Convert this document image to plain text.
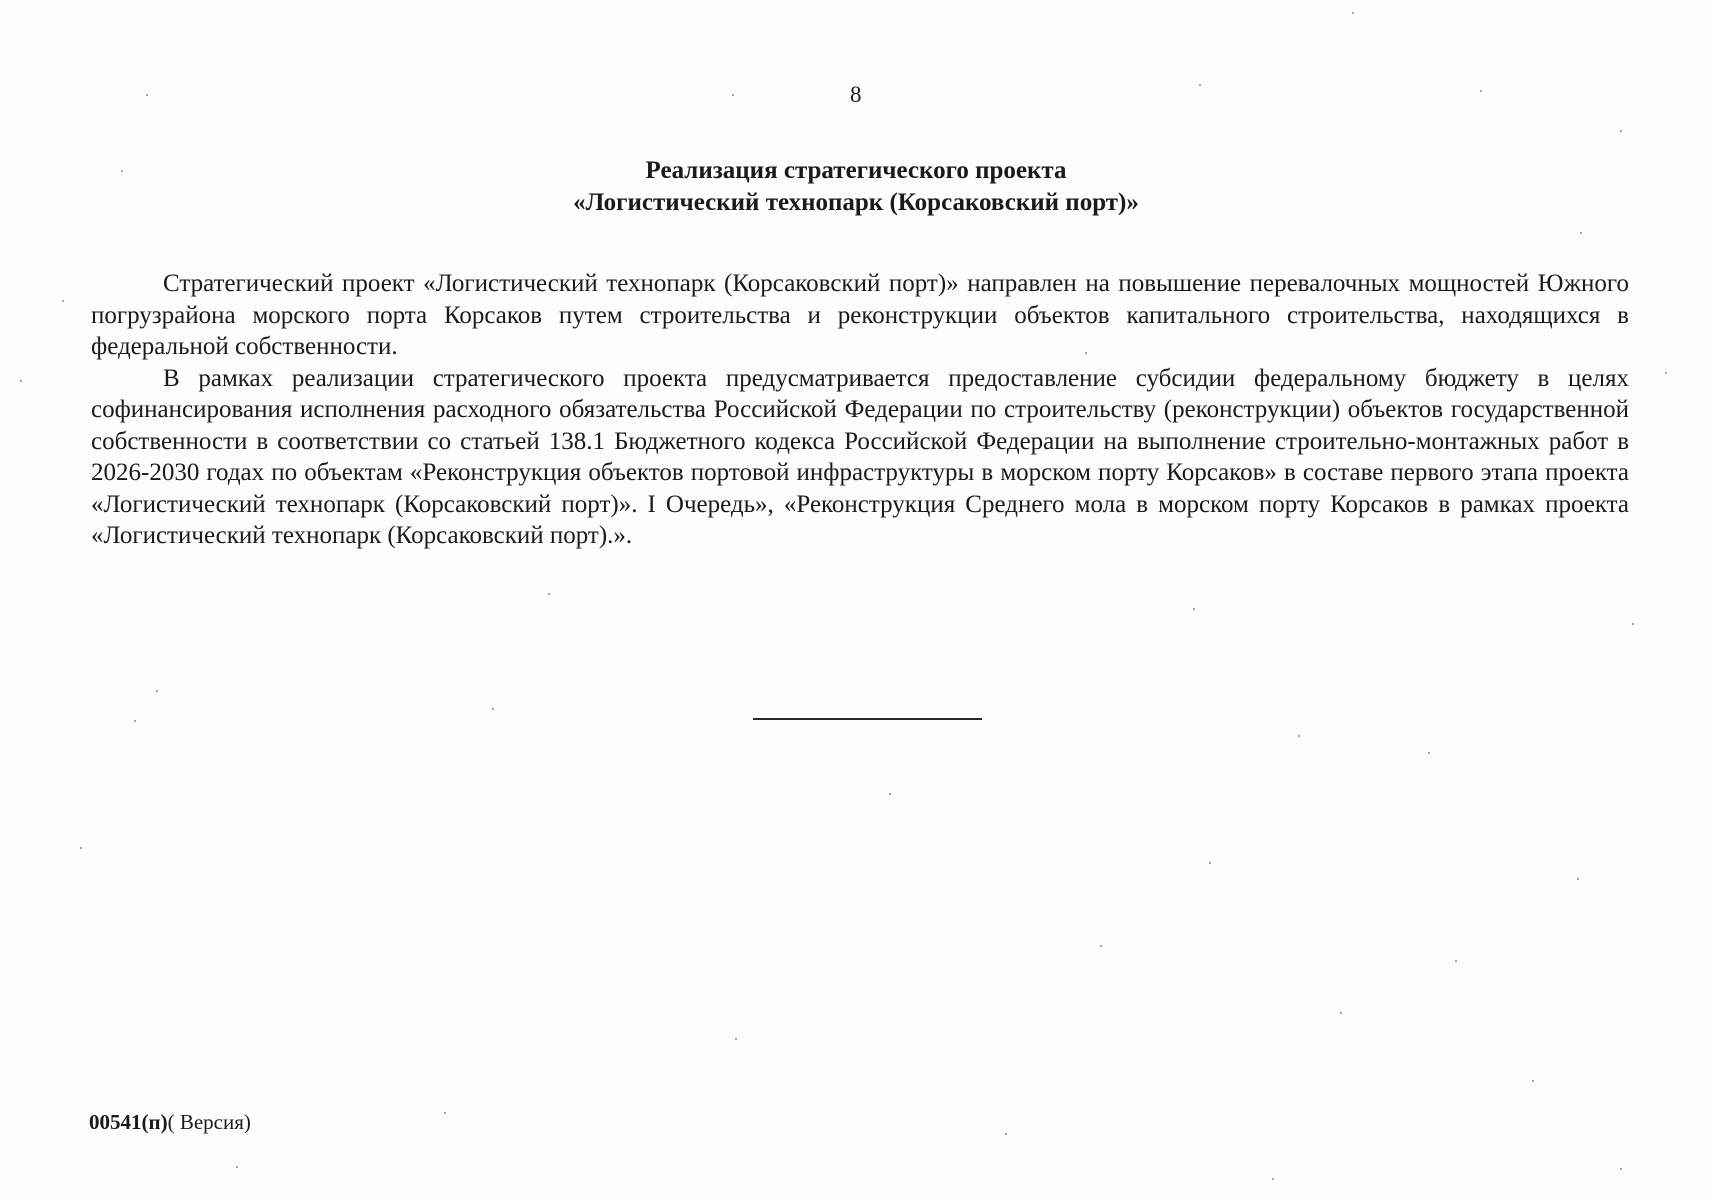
8
Реализация стратегического проекта
«Логистический технопарк (Корсаковский порт)»

Стратегический проект «Логистический технопарк (Корсаковский порт)» направлен на повышение перевалочных мощностей Южного погрузрайона морского порта Корсаков путем строительства и реконструкции объектов капитального строительства, находящихся в федеральной собственности.

В рамках реализации стратегического проекта предусматривается предоставление субсидии федеральному бюджету в целях софинансирования исполнения расходного обязательства Российской Федерации по строительству (реконструкции) объектов государственной собственности в соответствии со статьей 138.1 Бюджетного кодекса Российской Федерации на выполнение строительно-монтажных работ в 2026-2030 годах по объектам «Реконструкция объектов портовой инфраструктуры в морском порту Корсаков» в составе первого этапа проекта «Логистический технопарк (Корсаковский порт)». I Очередь», «Реконструкция Среднего мола в морском порту Корсаков в рамках проекта «Логистический технопарк (Корсаковский порт).».

00541(п)( Версия)
